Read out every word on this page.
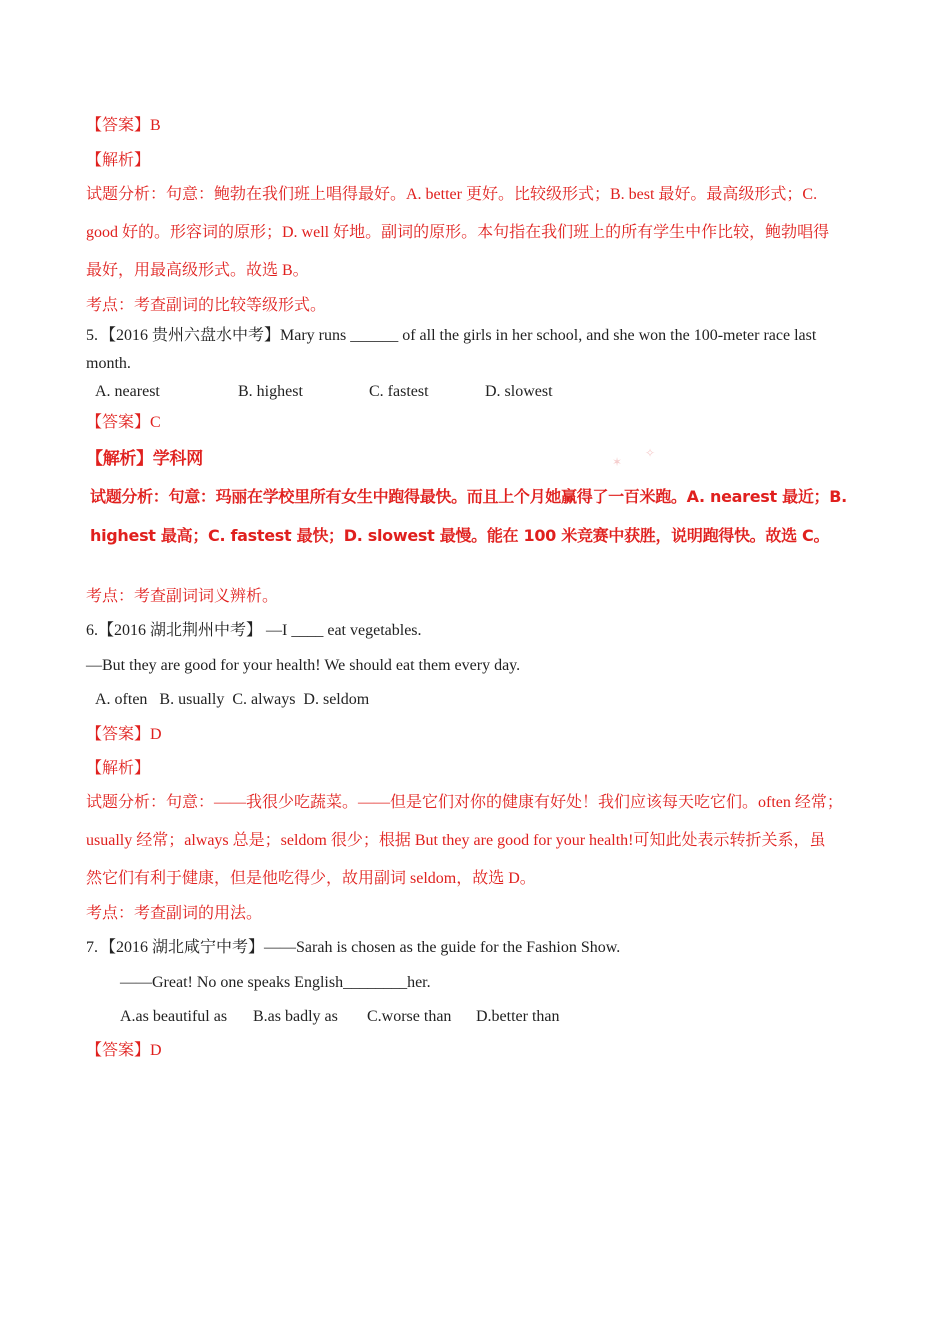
【答案】B
【解析】
试题分析：句意：鲍勃在我们班上唱得最好。A. better 更好。比较级形式；B. best 最好。最高级形式；C.
good 好的。形容词的原形；D. well 好地。副词的原形。本句指在我们班上的所有学生中作比较，鲍勃唱得
最好，用最高级形式。故选 B。
考点：考查副词的比较等级形式。
5. 【2016 贵州六盘水中考】Mary runs ______ of all the girls in her school, and she won the 100-meter race last
month.
A. nearest	B. highest	C. fastest	D. slowest
【答案】C
【解析】学科网	✶
✧
试题分析：句意：玛丽在学校里所有女生中跑得最快。而且上个月她赢得了一百米跑。A. nearest 最近；B.
highest 最高；C. fastest 最快；D. slowest 最慢。能在 100 米竞赛中获胜，说明跑得快。故选 C。
考点：考查副词词义辨析。
6.【2016 湖北荆州中考】 —I ____ eat vegetables.
—But they are good for your health! We should eat them every day.
A. often   B. usually  C. always  D. seldom
【答案】D
【解析】
试题分析：句意：——我很少吃蔬菜。——但是它们对你的健康有好处！我们应该每天吃它们。often 经常；
usually 经常；always 总是；seldom 很少；根据 But they are good for your health!可知此处表示转折关系，虽
然它们有利于健康，但是他吃得少，故用副词 seldom，故选 D。
考点：考查副词的用法。
7. 【2016 湖北咸宁中考】——Sarah is chosen as the guide for the Fashion Show.
——Great! No one speaks English________her.
A.as beautiful as B.as badly as C.worse than D.better than
【答案】D
